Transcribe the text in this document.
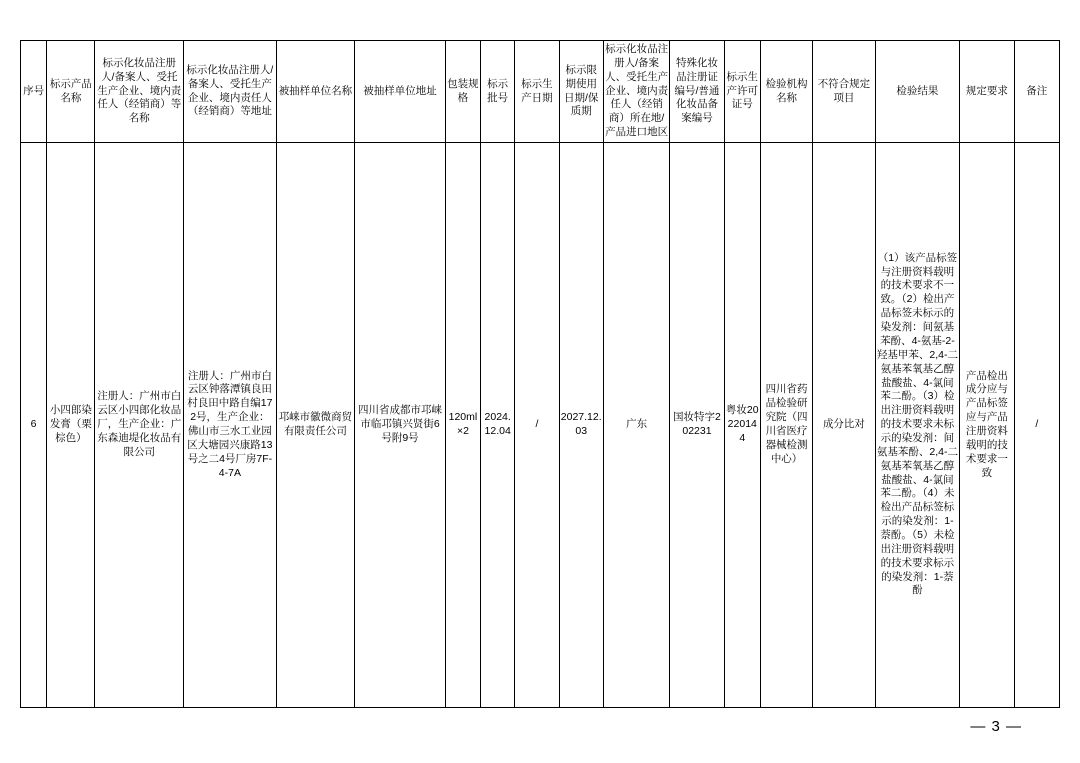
序号	标示产品名称	标示化妆品注册人/备案人、受托生产企业、境内责任人（经销商）等名称	标示化妆品注册人/备案人、受托生产企业、境内责任人（经销商）等地址	被抽样单位名称	被抽样单位地址	包装规格	标示批号	标示生产日期	标示限期使用日期/保质期	标示化妆品注册人/备案人、受托生产企业、境内责任人（经销商）所在地/产品进口地区	特殊化妆品注册证编号/普通化妆品备案编号	标示生产许可证号	检验机构名称	不符合规定项目	检验结果	规定要求	备注
6	小四郎染发膏（栗棕色）	注册人：广州市白云区小四郎化妆品厂，生产企业：广东森迪堤化妆品有限公司	注册人：广州市白云区钟落潭镇良田村良田中路自编172号，生产企业：佛山市三水工业园区大塘园兴康路13号之二4号厂房7F-4-7A	邛崃市徽微商贸有限责任公司	四川省成都市邛崃市临邛镇兴贤街6号附9号	120ml×2	2024.12.04	/	2027.12.03	广东	国妆特字202231	粤妆20220144	四川省药品检验研究院（四川省医疗器械检测中心）	成分比对	（1）该产品标签与注册资料载明的技术要求不一致。（2）检出产品标签未标示的染发剂：间氨基苯酚、4-氨基-2-羟基甲苯、2,4-二氨基苯氧基乙醇盐酸盐、4-氯间苯二酚。（3）检出注册资料载明的技术要求未标示的染发剂：间氨基苯酚、2,4-二氨基苯氧基乙醇盐酸盐、4-氯间苯二酚。（4）未检出产品标签标示的染发剂：1-萘酚。（5）未检出注册资料载明的技术要求标示的染发剂：1-萘酚	产品检出成分应与产品标签应与产品注册资料载明的技术要求一致	/
— 3 —
